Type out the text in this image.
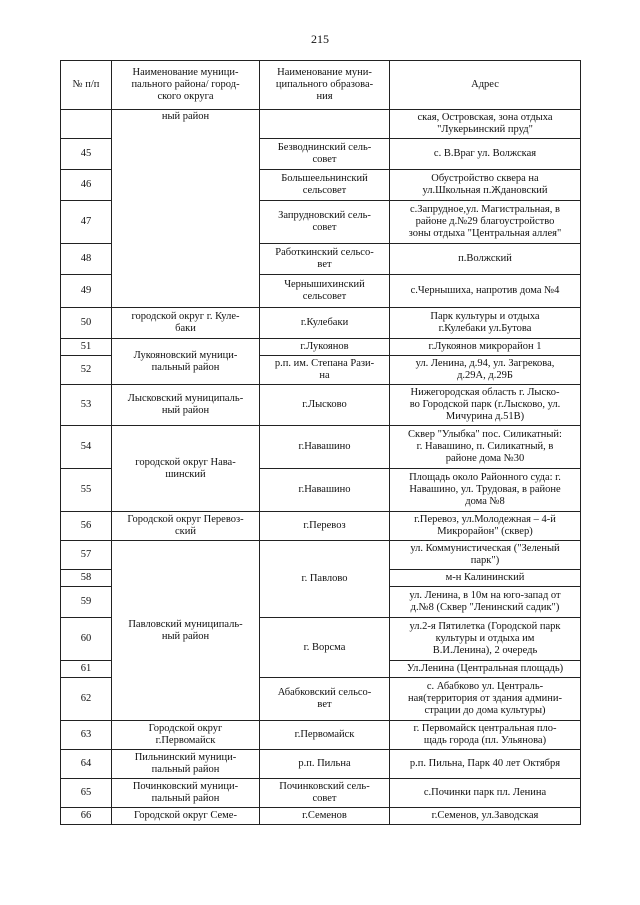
215
№ п/п	Наименование муници-
пального района/ город-
ского округа	Наименование муни-
ципального образова-
ния	Адрес
	ный район		ская, Островская, зона отдыха
"Лукерьинский пруд"
45		Безводнинский сель-
совет	с. В.Враг ул. Волжская
46		Большеельнинский
сельсовет	Обустройство сквера на
ул.Школьная п.Ждановский
47		Запрудновский сель-
совет	с.Запрудное,ул. Магистральная, в
районе д.№29 благоустройство
зоны отдыха "Центральная аллея"
48		Работкинский сельсо-
вет	п.Волжский
49		Чернышихинский
сельсовет	с.Чернышиха, напротив дома №4
50	городской округ г. Куле-
баки	г.Кулебаки	Парк культуры и отдыха
г.Кулебаки ул.Бутова
51	Лукояновский муници-
пальный район	г.Лукоянов	г.Лукоянов микрорайон 1
52		р.п. им. Степана Рази-
на	ул. Ленина, д.94, ул. Загрекова,
д.29А, д.29Б
53	Лысковский муниципаль-
ный район	г.Лысково	Нижегородская область г. Лыско-
во Городской парк (г.Лысково, ул.
Мичурина д.51В)
54	городской округ Нава-
шинский	г.Навашино	Сквер "Улыбка" пос. Силикатный:
г. Навашино, п. Силикатный, в
районе дома №30
55		г.Навашино	Площадь около Районного суда: г.
Навашино, ул. Трудовая, в районе
дома №8
56	Городской округ Перевоз-
ский	г.Перевоз	г.Перевоз, ул.Молодежная – 4-й
Микрорайон" (сквер)
57	Павловский муниципаль-
ный район	г. Павлово	ул. Коммунистическая ("Зеленый
парк")
58			м-н Калининский
59			ул. Ленина, в 10м на юго-запад от
д.№8 (Сквер "Ленинский садик")
60		г. Ворсма	ул.2-я Пятилетка (Городской парк
культуры и отдыха им
В.И.Ленина), 2 очередь
61			Ул.Ленина (Центральная площадь)
62		Абабковский сельсо-
вет	с. Абабково ул. Централь-
ная(территория от здания админи-
страции до дома культуры)
63	Городской округ
г.Первомайск	г.Первомайск	г. Первомайск центральная пло-
щадь города (пл. Ульянова)
64	Пильнинский муници-
пальный район	р.п. Пильна	р.п. Пильна, Парк 40 лет Октября
65	Починковский муници-
пальный район	Починковский сель-
совет	с.Починки парк пл. Ленина
66	Городской округ Семе-	г.Семенов	г.Семенов, ул.Заводская
